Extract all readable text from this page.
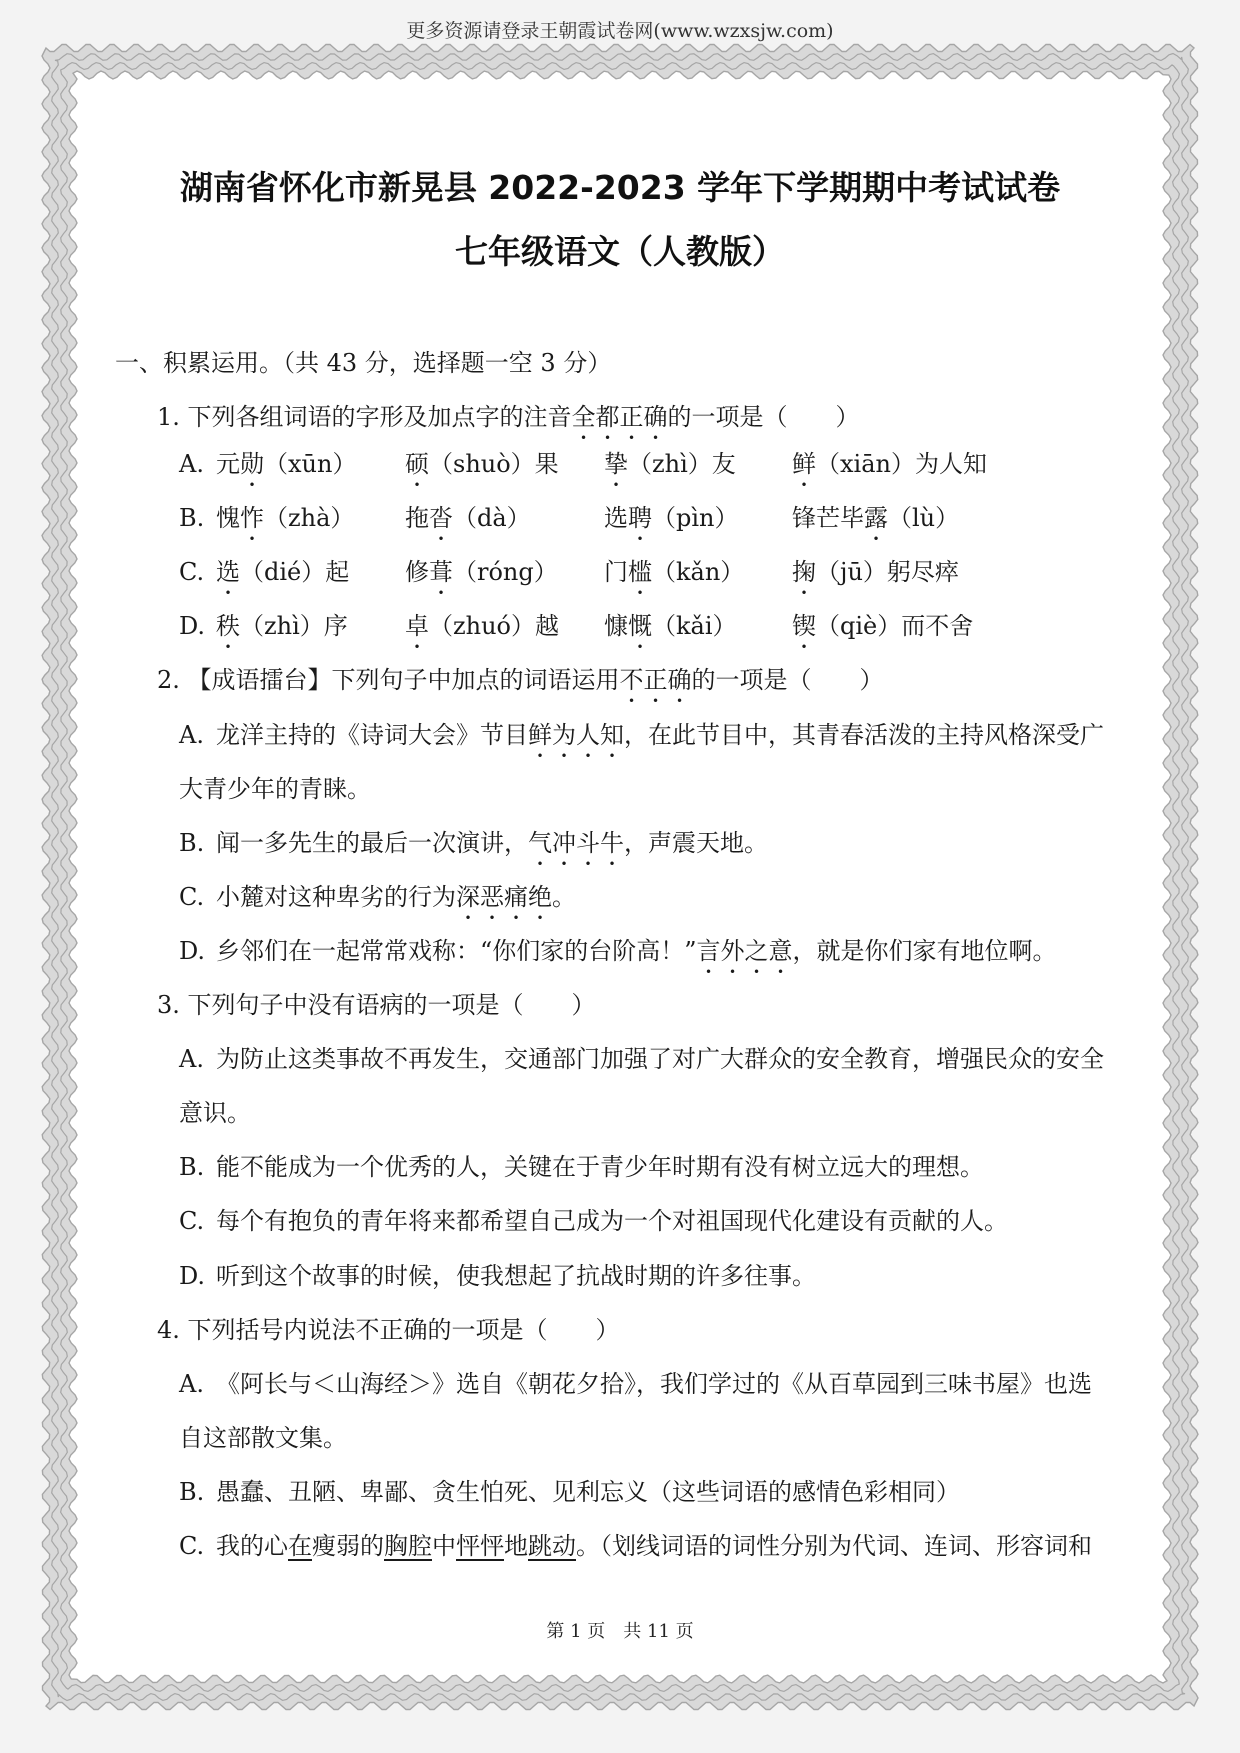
更多资源请登录王朝霞试卷网(www.wzxsjw.com)
湖南省怀化市新晃县 2022-2023 学年下学期期中考试试卷
七年级语文（人教版）
一、积累运用。（共 43 分，选择题一空 3 分）
1. 下列各组词语的字形及加点字的注音全都正确的一项是（　　）
A. 元勋（xūn） 硕（shuò）果 挚（zhì）友 鲜（xiān）为人知
B. 愧怍（zhà） 拖沓（dà）	选聘（pìn） 锋芒毕露（lù）
C. 选（dié）起 修葺（róng） 门槛（kǎn） 掬（jū）躬尽瘁
D. 秩（zhì）序 卓（zhuó）越 慷慨（kǎi） 锲（qiè）而不舍
2. 【成语擂台】下列句子中加点的词语运用不正确的一项是（　　）
A. 龙洋主持的《诗词大会》节目鲜为人知，在此节目中，其青春活泼的主持风格深受广
大青少年的青睐。
B. 闻一多先生的最后一次演讲，气冲斗牛，声震天地。
C. 小麓对这种卑劣的行为深恶痛绝。
D. 乡邻们在一起常常戏称：“你们家的台阶高！”言外之意，就是你们家有地位啊。
3. 下列句子中没有语病的一项是（　　）
A. 为防止这类事故不再发生，交通部门加强了对广大群众的安全教育，增强民众的安全
意识。
B. 能不能成为一个优秀的人，关键在于青少年时期有没有树立远大的理想。
C. 每个有抱负的青年将来都希望自己成为一个对祖国现代化建设有贡献的人。
D. 听到这个故事的时候，使我想起了抗战时期的许多往事。
4. 下列括号内说法不正确的一项是（　　）
A. 《阿长与＜山海经＞》选自《朝花夕拾》，我们学过的《从百草园到三味书屋》也选
自这部散文集。
B. 愚蠢、丑陋、卑鄙、贪生怕死、见利忘义（这些词语的感情色彩相同）
C. 我的心在瘦弱的胸腔中怦怦地跳动。（划线词语的词性分别为代词、连词、形容词和
第 1 页　共 11 页
